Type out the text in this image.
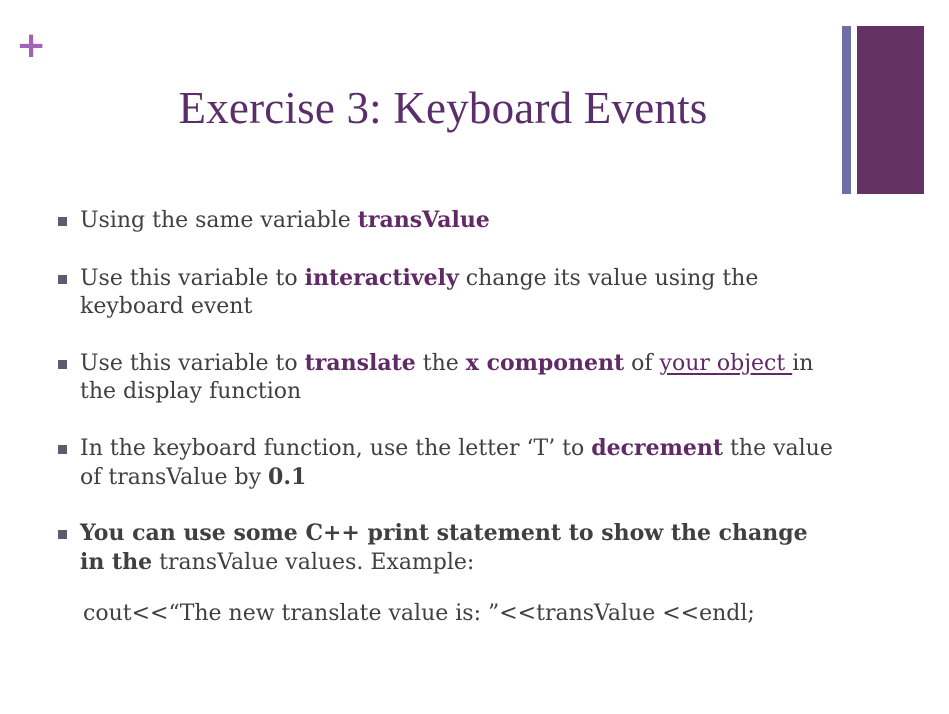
+
Exercise 3: Keyboard Events
Using the same variable transValue
Use this variable to interactively change its value using the keyboard event
Use this variable to translate the x component of your object in the display function
In the keyboard function, use the letter ‘T’ to decrement the value of transValue by 0.1
You can use some C++ print statement to show the change in the transValue values. Example:
cout<<“The new translate value is: ”<<transValue <<endl;
